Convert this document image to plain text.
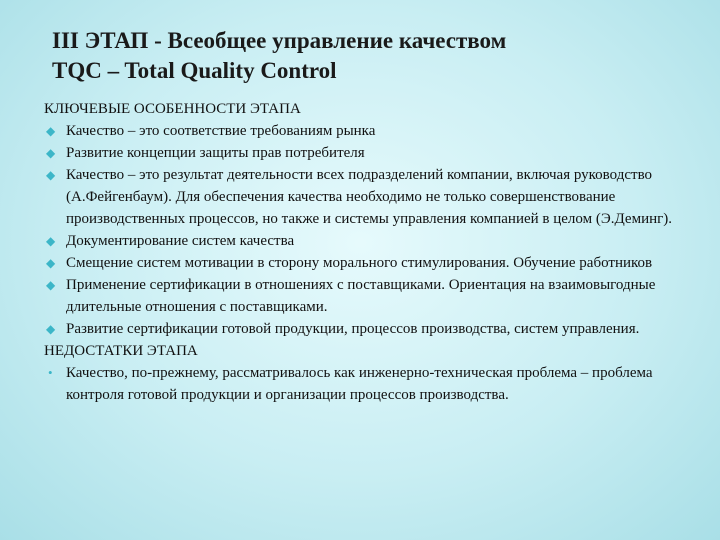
III ЭТАП - Всеобщее управление качеством
TQC – Total Quality Control
КЛЮЧЕВЫЕ ОСОБЕННОСТИ ЭТАПА
◆ Качество – это соответствие требованиям рынка
◆ Развитие концепции защиты прав потребителя
◆ Качество – это результат деятельности всех подразделений компании, включая руководство (А.Фейгенбаум). Для обеспечения качества необходимо не только совершенствование производственных процессов, но также и системы управления компанией в целом (Э.Деминг).
◆ Документирование систем качества
◆ Смещение систем мотивации в сторону морального стимулирования. Обучение работников
◆ Применение сертификации в отношениях с поставщиками. Ориентация на взаимовыгодные длительные отношения с поставщиками.
◆ Развитие сертификации готовой продукции, процессов производства, систем управления.
НЕДОСТАТКИ ЭТАПА
• Качество, по-прежнему, рассматривалось как инженерно-техническая проблема – проблема контроля готовой продукции и организации процессов производства.
